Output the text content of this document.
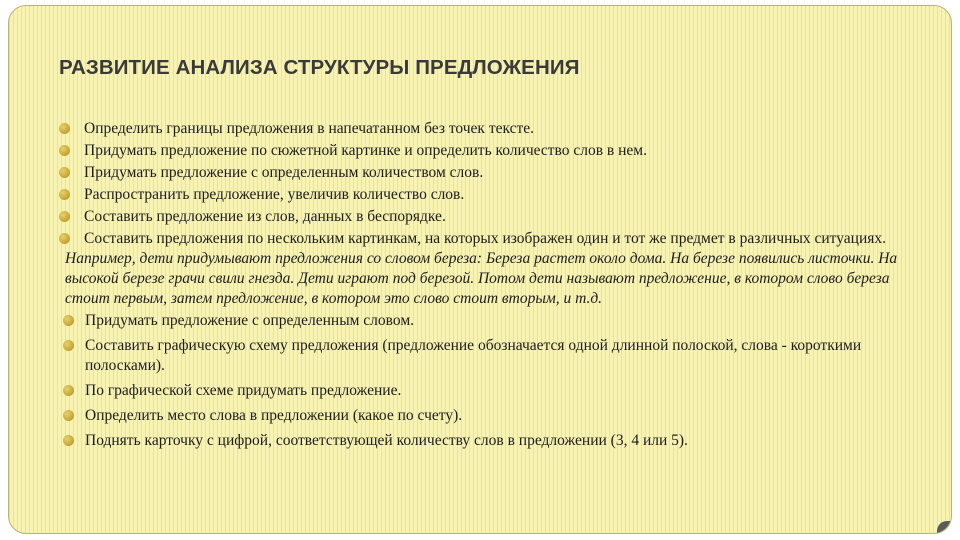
РАЗВИТИЕ АНАЛИЗА СТРУКТУРЫ ПРЕДЛОЖЕНИЯ
Определить границы предложения в напечатанном без точек тексте.
Придумать предложение по сюжетной картинке и определить количество слов в нем.
Придумать предложение с определенным количеством слов.
Распространить предложение, увеличив количество слов.
Составить предложение из слов, данных в беспорядке.
Составить предложения по нескольким картинкам, на которых изображен один и тот же предмет в различных ситуациях.

Например, дети придумывают предложения со словом береза: Береза растет около дома. На березе появились листочки. На высокой березе грачи свили гнезда. Дети играют под березой. Потом дети называют предложение, в котором слово береза стоит первым, затем предложение, в котором это слово стоит вторым, и т.д.

Придумать предложение с определенным словом.
Составить графическую схему предложения (предложение обозначается одной длинной полоской, слова - короткими полосками).
По графической схеме придумать предложение.
Определить место слова в предложении (какое по счету).
Поднять карточку с цифрой, соответствующей количеству слов в предложении (3, 4 или 5).
